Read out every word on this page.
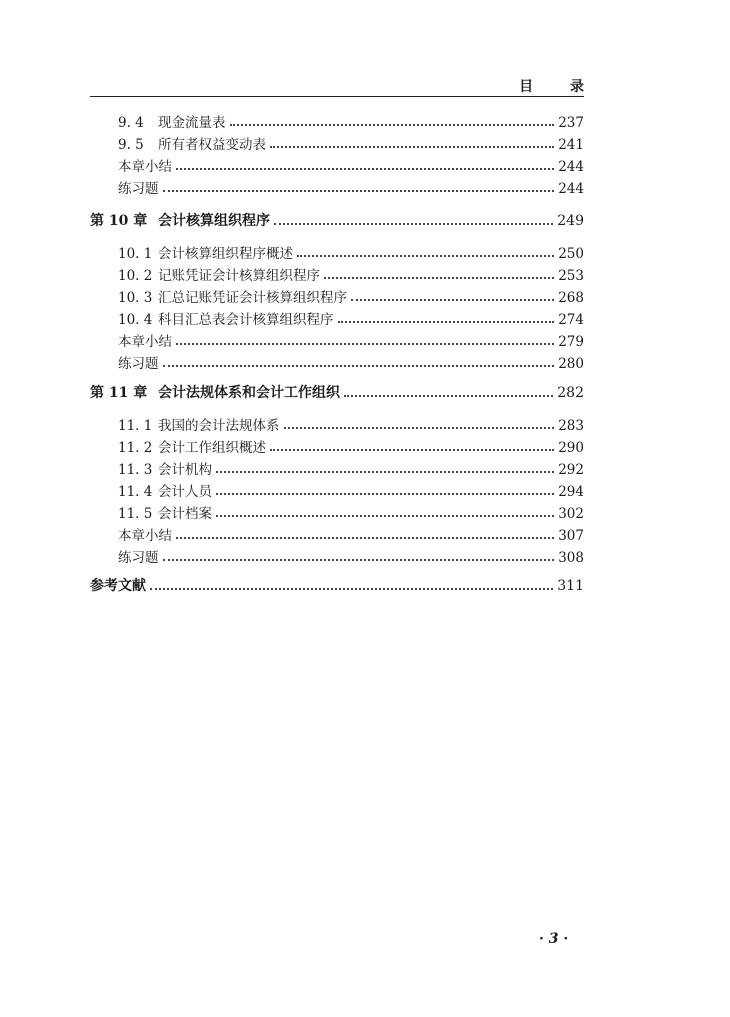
目 录
9. 4	现金流量表	237
9. 5	所有者权益变动表	241
本章小结	244
练习题	244
第 10 章 会计核算组织程序	249
10. 1 会计核算组织程序概述	250
10. 2 记账凭证会计核算组织程序	253
10. 3 汇总记账凭证会计核算组织程序	268
10. 4 科目汇总表会计核算组织程序	274
本章小结	279
练习题	280
第 11 章 会计法规体系和会计工作组织	282
11. 1 我国的会计法规体系	283
11. 2 会计工作组织概述	290
11. 3 会计机构	292
11. 4 会计人员	294
11. 5 会计档案	302
本章小结	307
练习题	308
参考文献	311
· 3 ·
